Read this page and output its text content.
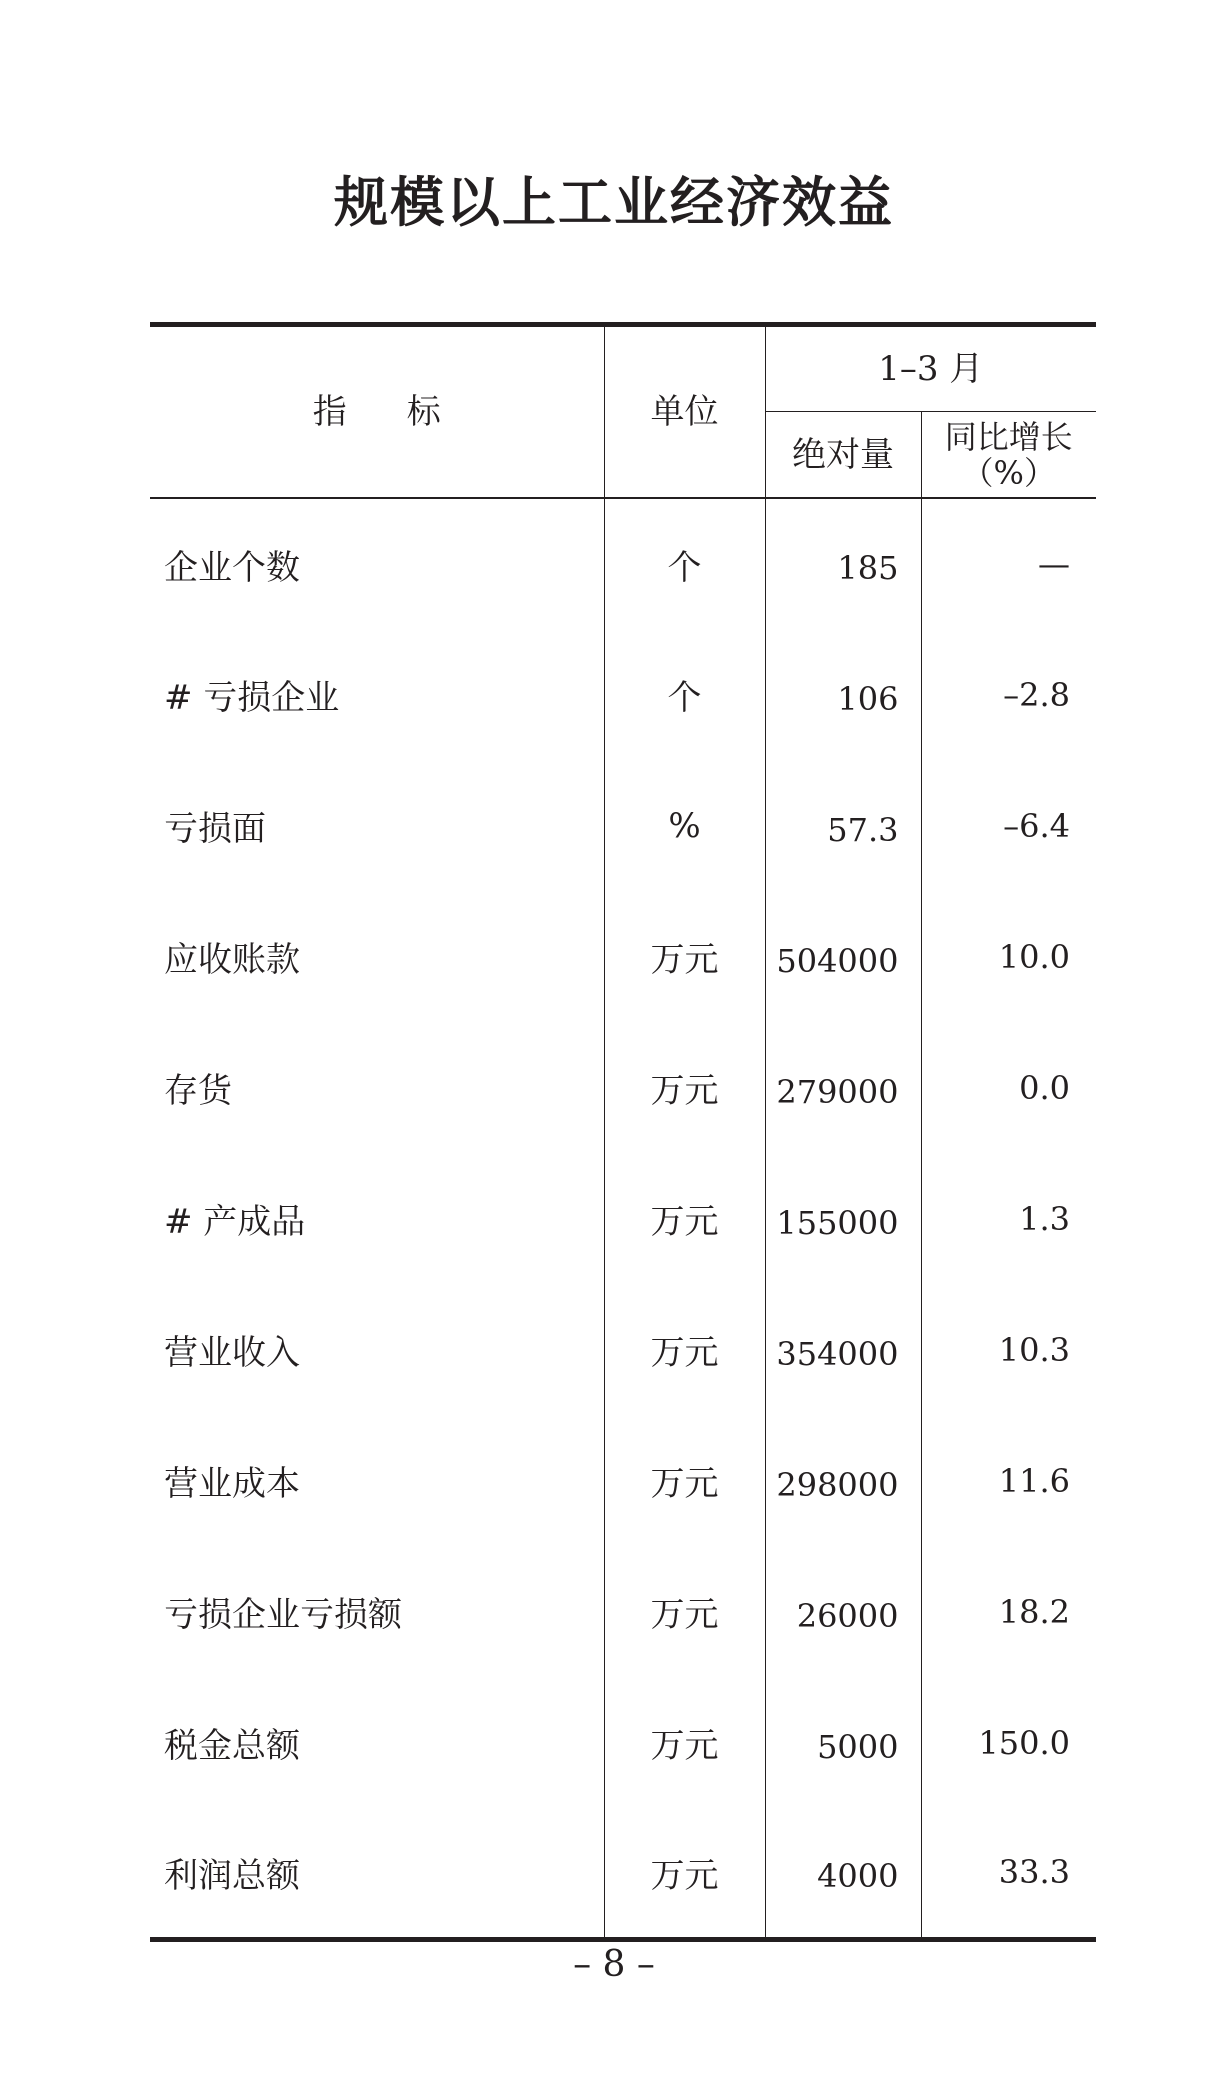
规模以上工业经济效益
指 标	单位	1–3 月	
		绝对量	同比增长
（%）

企业个数	个	185	—
# 亏损企业	个	106	–2.8
亏损面	%	57.3	–6.4
应收账款	万元	504000	10.0
存货	万元	279000	0.0
# 产成品	万元	155000	1.3
营业收入	万元	354000	10.3
营业成本	万元	298000	11.6
亏损企业亏损额	万元	26000	18.2
税金总额	万元	5000	150.0
利润总额	万元	4000	33.3
– 8 –
